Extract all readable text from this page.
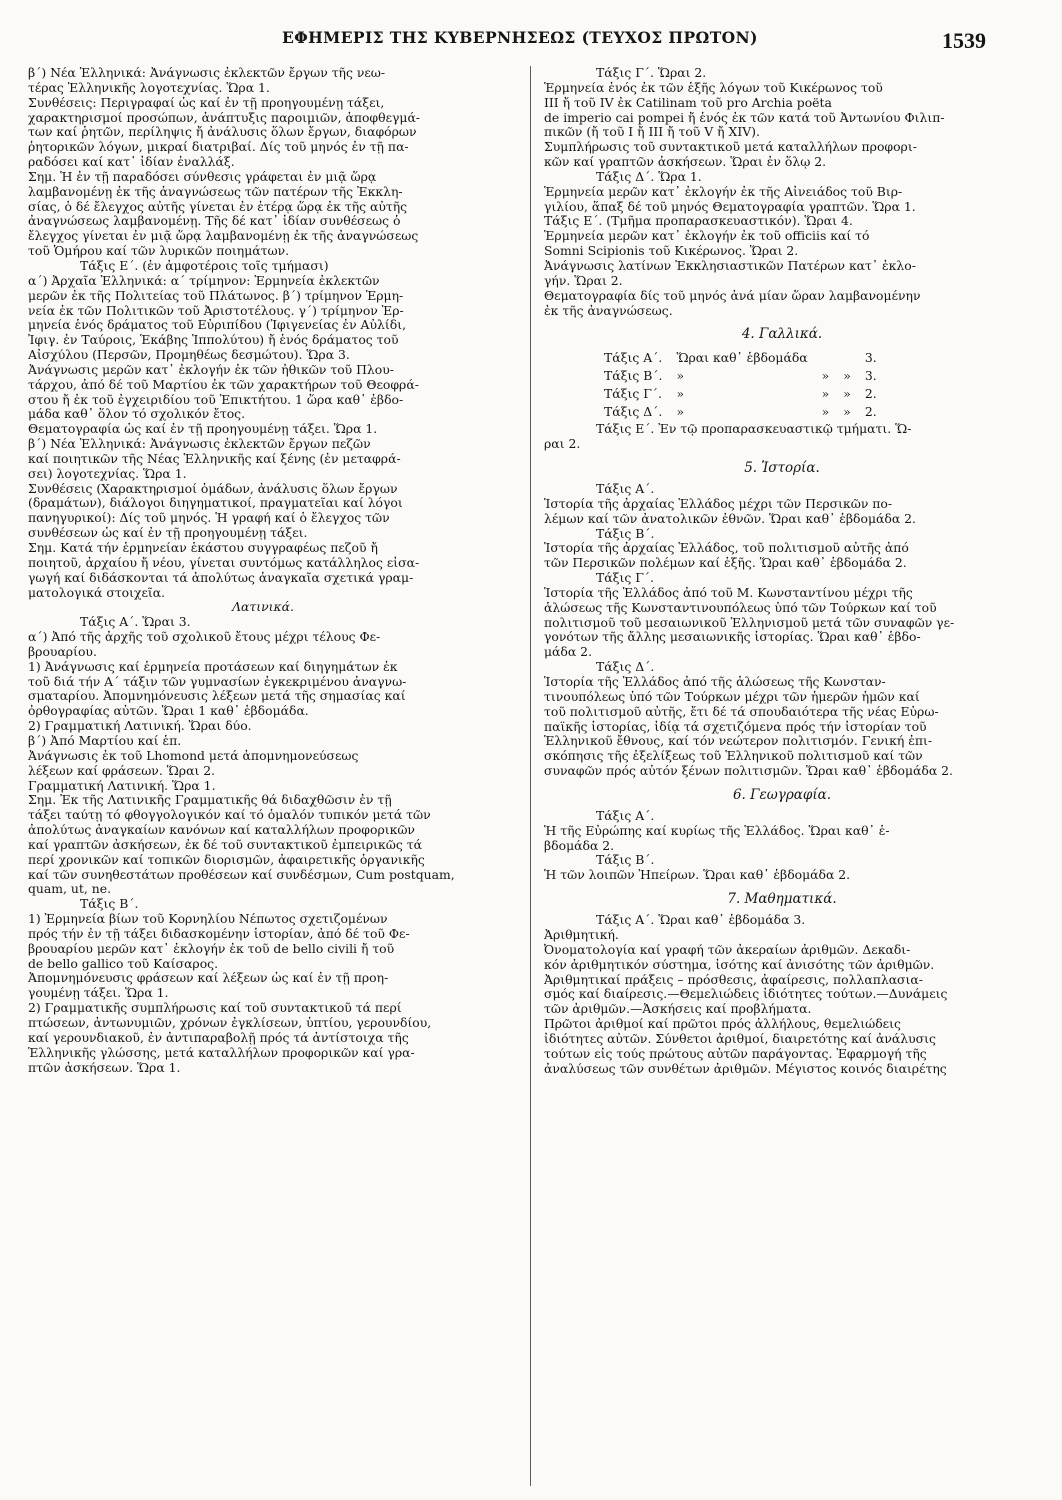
ΕΦΗΜΕΡΙΣ ΤΗΣ ΚΥΒΕΡΝΗΣΕΩΣ (ΤΕΥΧΟΣ ΠΡΩΤΟΝ)	1539
β΄) Νέα Ἑλληνικά: Ἀνάγνωσις ἐκλεκτῶν ἔργων τῆς νεω-
τέρας Ἑλληνικῆς λογοτεχνίας. Ὥρα 1.
Συνθέσεις: Περιγραφαί ὡς καί ἐν τῇ προηγουμένῃ τάξει,
χαρακτηρισμοί προσώπων, ἀνάπτυξις παροιμιῶν, ἀποφθεγμά-
των καί ῥητῶν, περίληψις ἤ ἀνάλυσις ὅλων ἔργων, διαφόρων
ῥητορικῶν λόγων, μικραί διατριβαί. Δίς τοῦ μηνός ἐν τῇ πα-
ραδόσει καί κατ᾽ ἰδίαν ἐναλλάξ.
Σημ. Ἡ ἐν τῇ παραδόσει σύνθεσις γράφεται ἐν μιᾷ ὥρᾳ
λαμβανομένῃ ἐκ τῆς ἀναγνώσεως τῶν πατέρων τῆς Ἐκκλη-
σίας, ὁ δέ ἔλεγχος αὐτῆς γίνεται ἐν ἑτέρᾳ ὥρᾳ ἐκ τῆς αὐτῆς
ἀναγνώσεως λαμβανομένῃ. Τῆς δέ κατ᾽ ἰδίαν συνθέσεως ὁ
ἔλεγχος γίνεται ἐν μιᾷ ὥρᾳ λαμβανομένῃ ἐκ τῆς ἀναγνώσεως
τοῦ Ὁμήρου καί τῶν λυρικῶν ποιημάτων.
Τάξις Ε΄. (ἐν ἀμφοτέροις τοῖς τμήμασι)
α΄) Ἀρχαῖα Ἑλληνικά: α΄ τρίμηνον: Ἑρμηνεία ἐκλεκτῶν
μερῶν ἐκ τῆς Πολιτείας τοῦ Πλάτωνος. β΄) τρίμηνον Ἑρμη-
νεία ἐκ τῶν Πολιτικῶν τοῦ Ἀριστοτέλους. γ΄) τρίμηνον Ἑρ-
μηνεία ἑνός δράματος τοῦ Εὐριπίδου (Ἰφιγενείας ἐν Αὐλίδι,
Ἰφιγ. ἐν Ταύροις, Ἑκάβης Ἱππολύτου) ἤ ἑνός δράματος τοῦ
Αἰσχύλου (Περσῶν, Προμηθέως δεσμώτου). Ὥρα 3.
Ἀνάγνωσις μερῶν κατ᾽ ἐκλογήν ἐκ τῶν ἠθικῶν τοῦ Πλου-
τάρχου, ἀπό δέ τοῦ Μαρτίου ἐκ τῶν χαρακτήρων τοῦ Θεοφρά-
στου ἤ ἐκ τοῦ ἐγχειριδίου τοῦ Ἐπικτήτου. 1 ὥρα καθ᾽ ἑβδο-
μάδα καθ᾽ ὅλον τό σχολικόν ἔτος.
Θεματογραφία ὡς καί ἐν τῇ προηγουμένῃ τάξει. Ὥρα 1.
β΄) Νέα Ἑλληνικά: Ἀνάγνωσις ἐκλεκτῶν ἔργων πεζῶν
καί ποιητικῶν τῆς Νέας Ἑλληνικῆς καί ξένης (ἐν μεταφρά-
σει) λογοτεχνίας. Ὥρα 1.
Συνθέσεις (Χαρακτηρισμοί ὁμάδων, ἀνάλυσις ὅλων ἔργων
(δραμάτων), διάλογοι διηγηματικοί, πραγματεῖαι καί λόγοι
πανηγυρικοί): Δίς τοῦ μηνός. Ἡ γραφή καί ὁ ἔλεγχος τῶν
συνθέσεων ὡς καί ἐν τῇ προηγουμένῃ τάξει.
Σημ. Κατά τήν ἑρμηνείαν ἑκάστου συγγραφέως πεζοῦ ἤ
ποιητοῦ, ἀρχαίου ἤ νέου, γίνεται συντόμως κατάλληλος εἰσα-
γωγή καί διδάσκονται τά ἀπολύτως ἀναγκαῖα σχετικά γραμ-
ματολογικά στοιχεῖα.
Λατινικά.
Τάξις Α΄. Ὥραι 3.
α΄) Ἀπό τῆς ἀρχῆς τοῦ σχολικοῦ ἔτους μέχρι τέλους Φε-
βρουαρίου.
1) Ἀνάγνωσις καί ἑρμηνεία προτάσεων καί διηγημάτων ἐκ
τοῦ διά τήν Α΄ τάξιν τῶν γυμνασίων ἐγκεκριμένου ἀναγνω-
σματαρίου. Ἀπομνημόνευσις λέξεων μετά τῆς σημασίας καί
ὀρθογραφίας αὐτῶν. Ὥραι 1 καθ᾽ ἑβδομάδα.
2) Γραμματική Λατινική. Ὥραι δύο.
β΄) Ἀπό Μαρτίου καί ἑπ.
Ἀνάγνωσις ἐκ τοῦ Lhomond μετά ἀπομνημονεύσεως
λέξεων καί φράσεων. Ὥραι 2.
Γραμματική Λατινική. Ὥρα 1.
Σημ. Ἐκ τῆς Λατινικῆς Γραμματικῆς θά διδαχθῶσιν ἐν τῇ
τάξει ταύτῃ τό φθογγολογικόν καί τό ὁμαλόν τυπικόν μετά τῶν
ἀπολύτως ἀναγκαίων κανόνων καί καταλλήλων προφορικῶν
καί γραπτῶν ἀσκήσεων, ἐκ δέ τοῦ συντακτικοῦ ἐμπειρικῶς τά
περί χρονικῶν καί τοπικῶν διορισμῶν, ἀφαιρετικῆς ὀργανικῆς
καί τῶν συνηθεστάτων προθέσεων καί συνδέσμων, Cum postquam,
quam, ut, ne.
Τάξις Β΄.
1) Ἑρμηνεία βίων τοῦ Κορνηλίου Νέπωτος σχετιζομένων
πρός τήν ἐν τῇ τάξει διδασκομένην ἱστορίαν, ἀπό δέ τοῦ Φε-
βρουαρίου μερῶν κατ᾽ ἐκλογήν ἐκ τοῦ de bello civili ἤ τοῦ
de bello gallico τοῦ Καίσαρος.
Ἀπομνημόνευσις φράσεων καί λέξεων ὡς καί ἐν τῇ προη-
γουμένῃ τάξει. Ὥρα 1.
2) Γραμματικῆς συμπλήρωσις καί τοῦ συντακτικοῦ τά περί
πτώσεων, ἀντωνυμιῶν, χρόνων ἐγκλίσεων, ὑπτίου, γερουνδίου,
καί γερουνδιακοῦ, ἐν ἀντιπαραβολῇ πρός τά ἀντίστοιχα τῆς
Ἑλληνικῆς γλώσσης, μετά καταλλήλων προφορικῶν καί γρα-
πτῶν ἀσκήσεων. Ὥρα 1.
Τάξις Γ΄. Ὥραι 2.
Ἑρμηνεία ἑνός ἐκ τῶν ἑξῆς λόγων τοῦ Κικέρωνος τοῦ
III ἤ τοῦ IV ἐκ Catilinam τοῦ pro Archia poëta
de imperio cai pompei ἤ ἑνός ἐκ τῶν κατά τοῦ Ἀντωνίου Φιλιπ-
πικῶν (ἤ τοῦ I ἤ III ἤ τοῦ V ἤ XIV).
Συμπλήρωσις τοῦ συντακτικοῦ μετά καταλλήλων προφορι-
κῶν καί γραπτῶν ἀσκήσεων. Ὥραι ἐν ὅλῳ 2.
Τάξις Δ΄. Ὥρα 1.
Ἑρμηνεία μερῶν κατ᾽ ἐκλογήν ἐκ τῆς Αἰνειάδος τοῦ Βιρ-
γιλίου, ἅπαξ δέ τοῦ μηνός Θεματογραφία γραπτῶν. Ὥρα 1.
Τάξις Ε΄. (Τμῆμα προπαρασκευαστικόν). Ὥραι 4.
Ἑρμηνεία μερῶν κατ᾽ ἐκλογήν ἐκ τοῦ officiis καί τό
Somni Scipionis τοῦ Κικέρωνος. Ὥραι 2.
Ἀνάγνωσις λατίνων Ἐκκλησιαστικῶν Πατέρων κατ᾽ ἐκλο-
γήν. Ὥραι 2.
Θεματογραφία δίς τοῦ μηνός ἀνά μίαν ὥραν λαμβανομένην
ἐκ τῆς ἀναγνώσεως.
4. Γαλλικά.
Τάξις Α΄.	Ὥραι καθ᾽ ἑβδομάδα			3.
Τάξις Β΄.	»	»	»	3.
Τάξις Γ΄.	»	»	»	2.
Τάξις Δ΄.	»	»	»	2.
Τάξις Ε΄. Ἐν τῷ προπαρασκευαστικῷ τμήματι. Ὥ-
ραι 2.
5. Ἱστορία.
Τάξις Α΄.
Ἱστορία τῆς ἀρχαίας Ἑλλάδος μέχρι τῶν Περσικῶν πο-
λέμων καί τῶν ἀνατολικῶν ἐθνῶν. Ὥραι καθ᾽ ἑβδομάδα 2.
Τάξις Β΄.
Ἱστορία τῆς ἀρχαίας Ἑλλάδος, τοῦ πολιτισμοῦ αὐτῆς ἀπό
τῶν Περσικῶν πολέμων καί ἑξῆς. Ὥραι καθ᾽ ἑβδομάδα 2.
Τάξις Γ΄.
Ἱστορία τῆς Ἑλλάδος ἀπό τοῦ Μ. Κωνσταντίνου μέχρι τῆς
ἁλώσεως τῆς Κωνσταντινουπόλεως ὑπό τῶν Τούρκων καί τοῦ
πολιτισμοῦ τοῦ μεσαιωνικοῦ Ἑλληνισμοῦ μετά τῶν συναφῶν γε-
γονότων τῆς ἄλλης μεσαιωνικῆς ἱστορίας. Ὥραι καθ᾽ ἑβδο-
μάδα 2.
Τάξις Δ΄.
Ἱστορία τῆς Ἑλλάδος ἀπό τῆς ἁλώσεως τῆς Κωνσταν-
τινουπόλεως ὑπό τῶν Τούρκων μέχρι τῶν ἡμερῶν ἡμῶν καί
τοῦ πολιτισμοῦ αὐτῆς, ἔτι δέ τά σπουδαιότερα τῆς νέας Εὐρω-
παϊκῆς ἱστορίας, ἰδίᾳ τά σχετιζόμενα πρός τήν ἱστορίαν τοῦ
Ἑλληνικοῦ ἔθνους, καί τόν νεώτερον πολιτισμόν. Γενική ἐπι-
σκόπησις τῆς ἐξελίξεως τοῦ Ἑλληνικοῦ πολιτισμοῦ καί τῶν
συναφῶν πρός αὐτόν ξένων πολιτισμῶν. Ὥραι καθ᾽ ἑβδομάδα 2.
6. Γεωγραφία.
Τάξις Α΄.
Ἡ τῆς Εὐρώπης καί κυρίως τῆς Ἑλλάδος. Ὥραι καθ᾽ ἑ-
βδομάδα 2.
Τάξις Β΄.
Ἡ τῶν λοιπῶν Ἠπείρων. Ὥραι καθ᾽ ἑβδομάδα 2.
7. Μαθηματικά.
Τάξις Α΄. Ὥραι καθ᾽ ἑβδομάδα 3.
Ἀριθμητική.
Ὀνοματολογία καί γραφή τῶν ἀκεραίων ἀριθμῶν. Δεκαδι-
κόν ἀριθμητικόν σύστημα, ἰσότης καί ἀνισότης τῶν ἀριθμῶν.
Ἀριθμητικαί πράξεις – πρόσθεσις, ἀφαίρεσις, πολλαπλασια-
σμός καί διαίρεσις.—Θεμελιώδεις ἰδιότητες τούτων.—Δυνάμεις
τῶν ἀριθμῶν.—Ἀσκήσεις καί προβλήματα.
Πρῶτοι ἀριθμοί καί πρῶτοι πρός ἀλλήλους, θεμελιώδεις
ἰδιότητες αὐτῶν. Σύνθετοι ἀριθμοί, διαιρετότης καί ἀνάλυσις
τούτων εἰς τούς πρώτους αὐτῶν παράγοντας. Ἐφαρμογή τῆς
ἀναλύσεως τῶν συνθέτων ἀριθμῶν. Μέγιστος κοινός διαιρέτης
